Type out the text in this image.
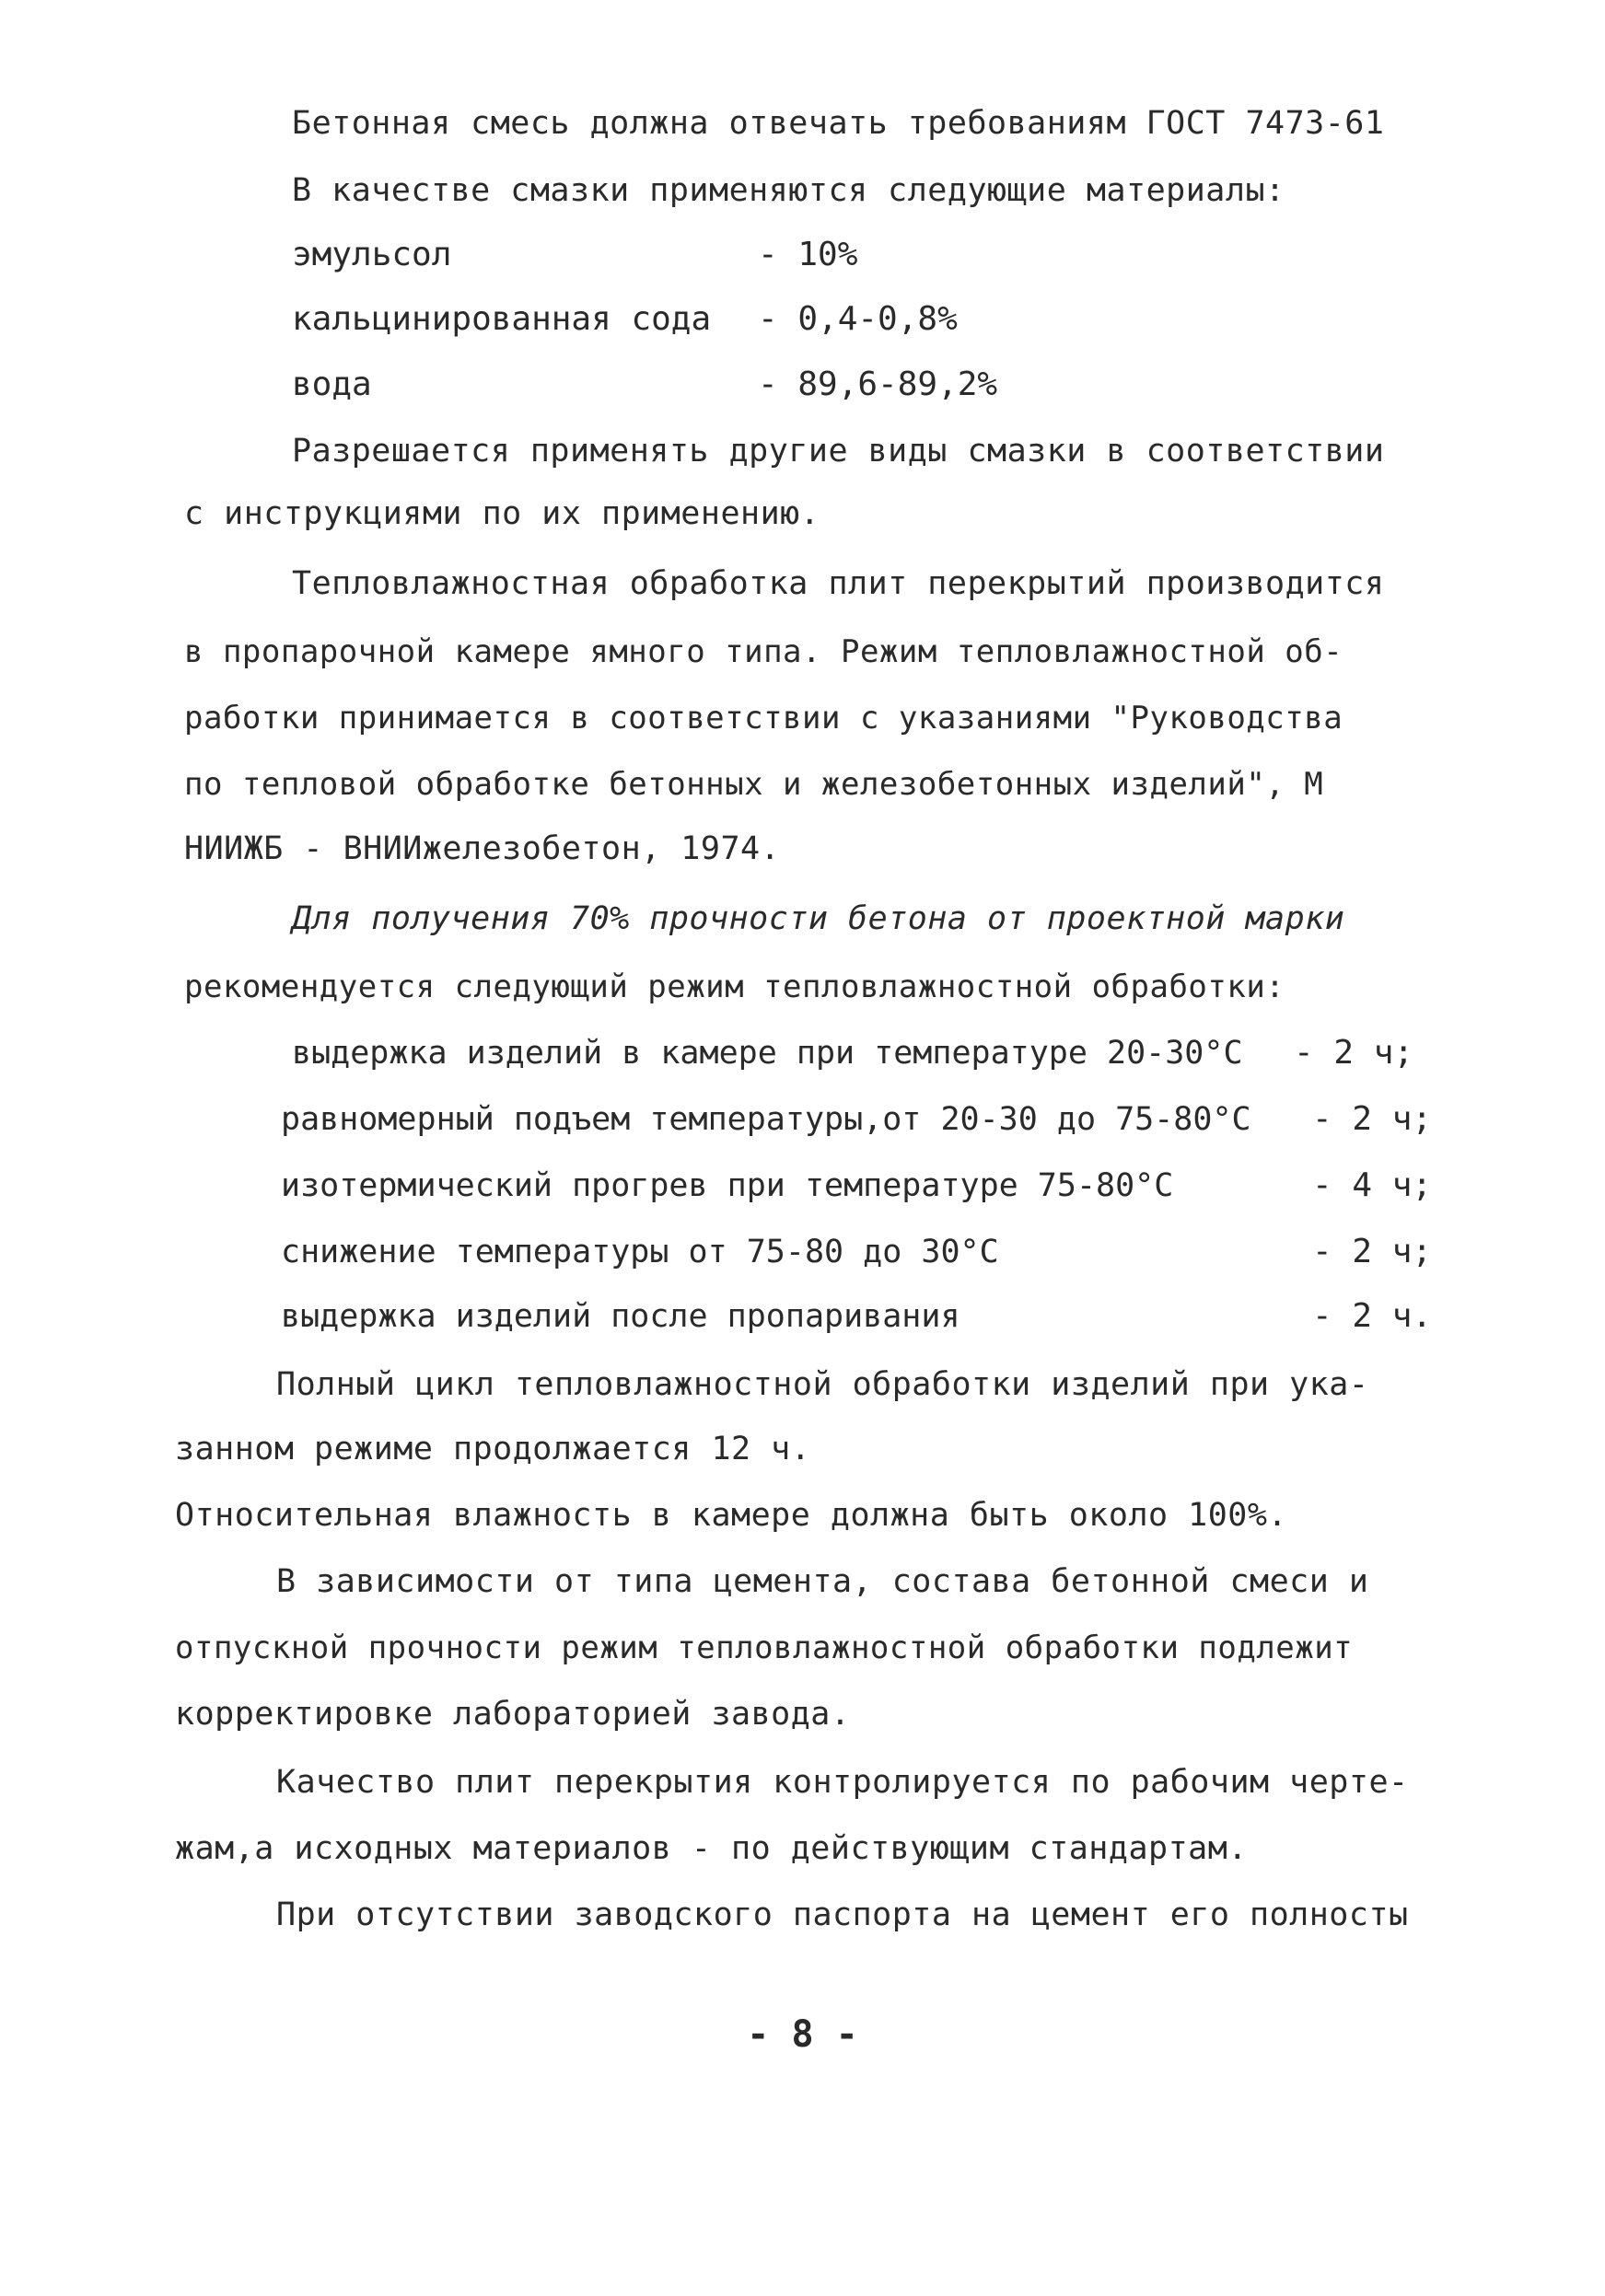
Бетонная смесь должна отвечать требованиям ГОСТ 7473-61
В качестве смазки применяются следующие материалы:
эмульсол	- 10%
кальцинированная сода - 0,4-0,8%
вода	- 89,6-89,2%
Разрешается применять другие виды смазки в соответствии
с инструкциями по их применению.
Тепловлажностная обработка плит перекрытий производится
в пропарочной камере ямного типа. Режим тепловлажностной об-
работки принимается в соответствии с указаниями "Руководства
по тепловой обработке бетонных и железобетонных изделий", М
НИИЖБ - ВНИИжелезобетон, 1974.
Для получения 70% прочности бетона от проектной марки
рекомендуется следующий режим тепловлажностной обработки:
выдержка изделий в камере при температуре 20-30°С - 2 ч;
равномерный подъем температуры,от 20-30 до 75-80°С - 2 ч;
изотермический прогрев при температуре 75-80°С	- 4 ч;
снижение температуры от 75-80 до 30°С	- 2 ч;
выдержка изделий после пропаривания	- 2 ч.
Полный цикл тепловлажностной обработки изделий при ука-
занном режиме продолжается 12 ч.
Относительная влажность в камере должна быть около 100%.
В зависимости от типа цемента, состава бетонной смеси и
отпускной прочности режим тепловлажностной обработки подлежит
корректировке лабораторией завода.
Качество плит перекрытия контролируется по рабочим черте-
жам,а исходных материалов - по действующим стандартам.
При отсутствии заводского паспорта на цемент его полносты
- 8 -
